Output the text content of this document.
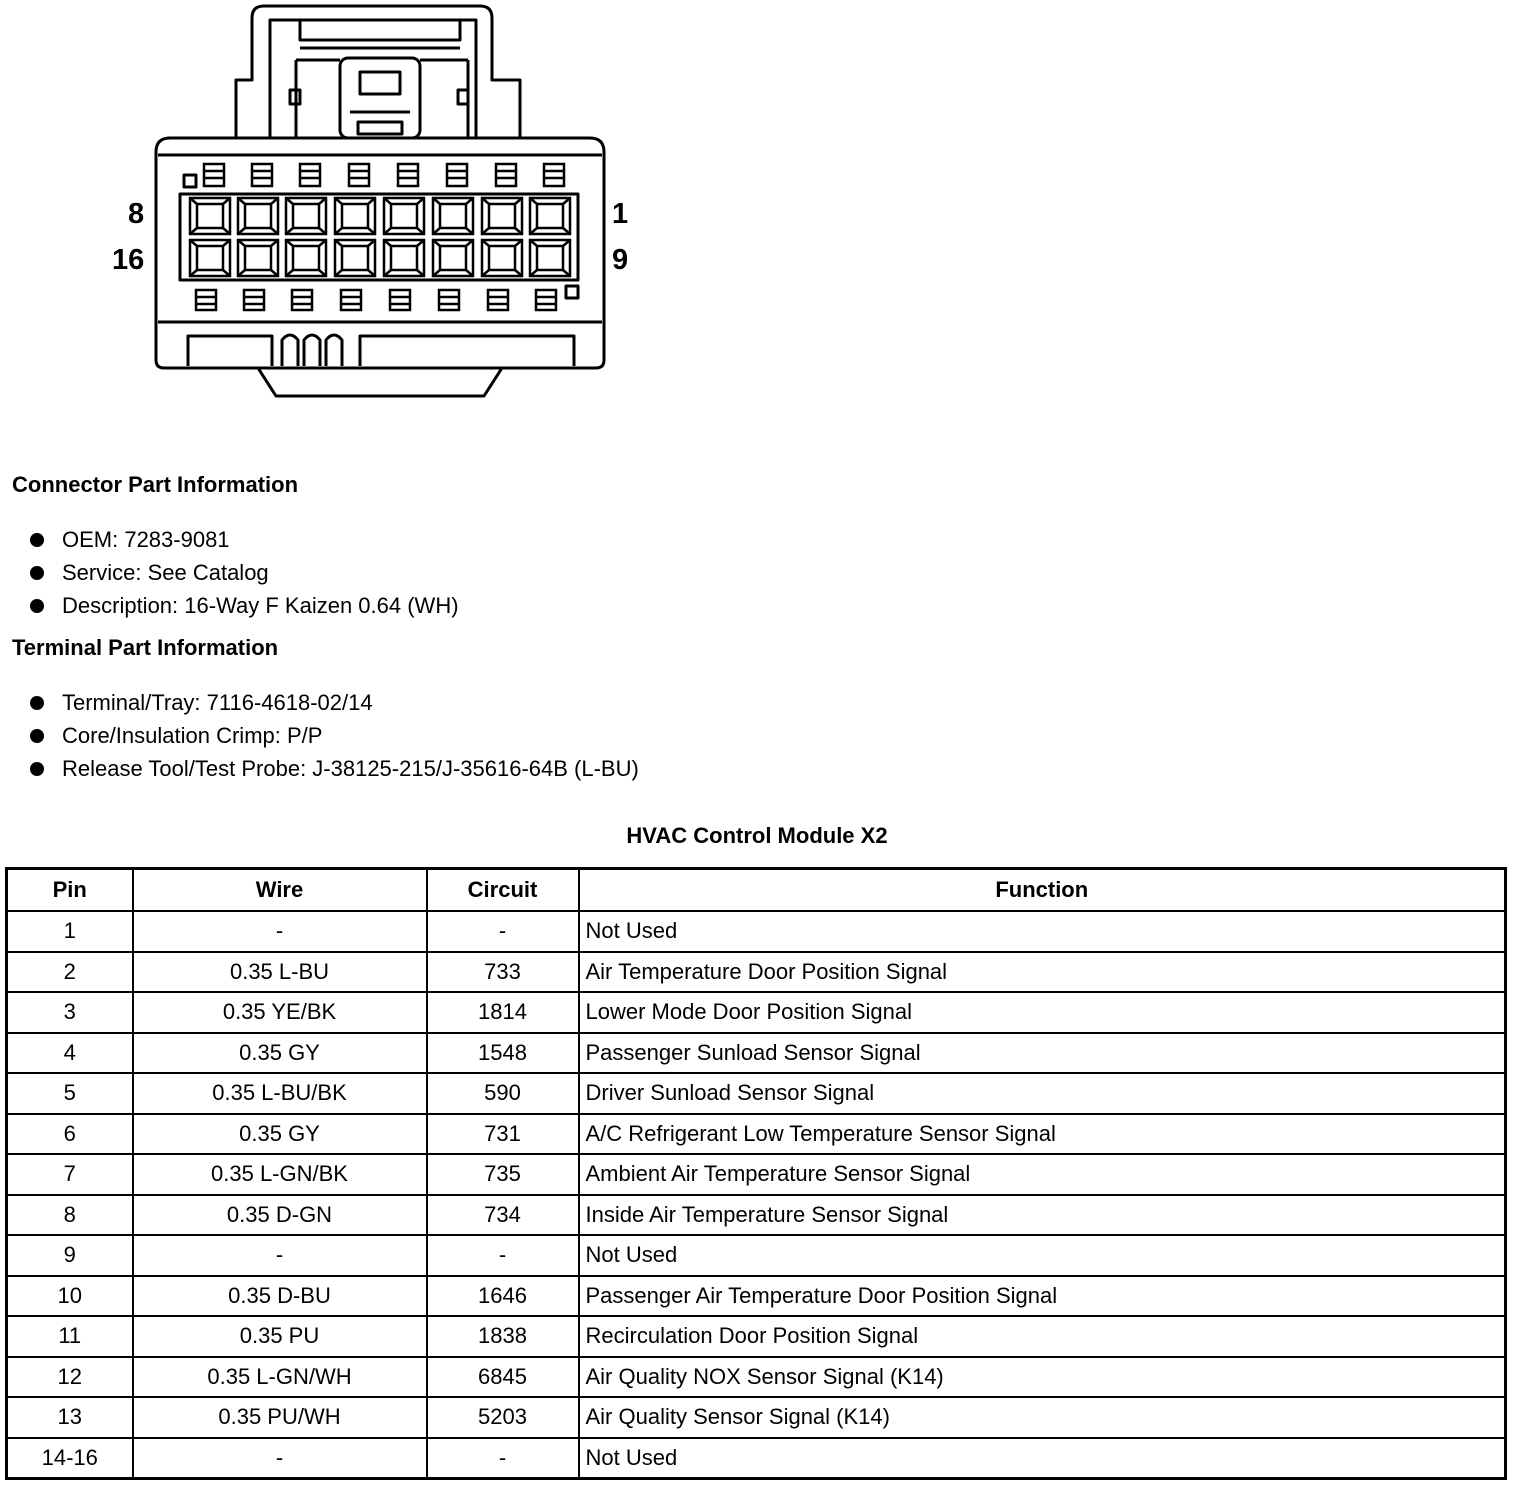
8
16
1
9
Connector Part Information
OEM: 7283-9081
Service: See Catalog
Description: 16-Way F Kaizen 0.64 (WH)
Terminal Part Information
Terminal/Tray: 7116-4618-02/14
Core/Insulation Crimp: P/P
Release Tool/Test Probe: J-38125-215/J-35616-64B (L-BU)
HVAC Control Module X2
Pin	Wire	Circuit	Function
1	-	-	Not Used
2	0.35 L-BU	733	Air Temperature Door Position Signal
3	0.35 YE/BK	1814	Lower Mode Door Position Signal
4	0.35 GY	1548	Passenger Sunload Sensor Signal
5	0.35 L-BU/BK	590	Driver Sunload Sensor Signal
6	0.35 GY	731	A/C Refrigerant Low Temperature Sensor Signal
7	0.35 L-GN/BK	735	Ambient Air Temperature Sensor Signal
8	0.35 D-GN	734	Inside Air Temperature Sensor Signal
9	-	-	Not Used
10	0.35 D-BU	1646	Passenger Air Temperature Door Position Signal
11	0.35 PU	1838	Recirculation Door Position Signal
12	0.35 L-GN/WH	6845	Air Quality NOX Sensor Signal (K14)
13	0.35 PU/WH	5203	Air Quality Sensor Signal (K14)
14-16	-	-	Not Used
